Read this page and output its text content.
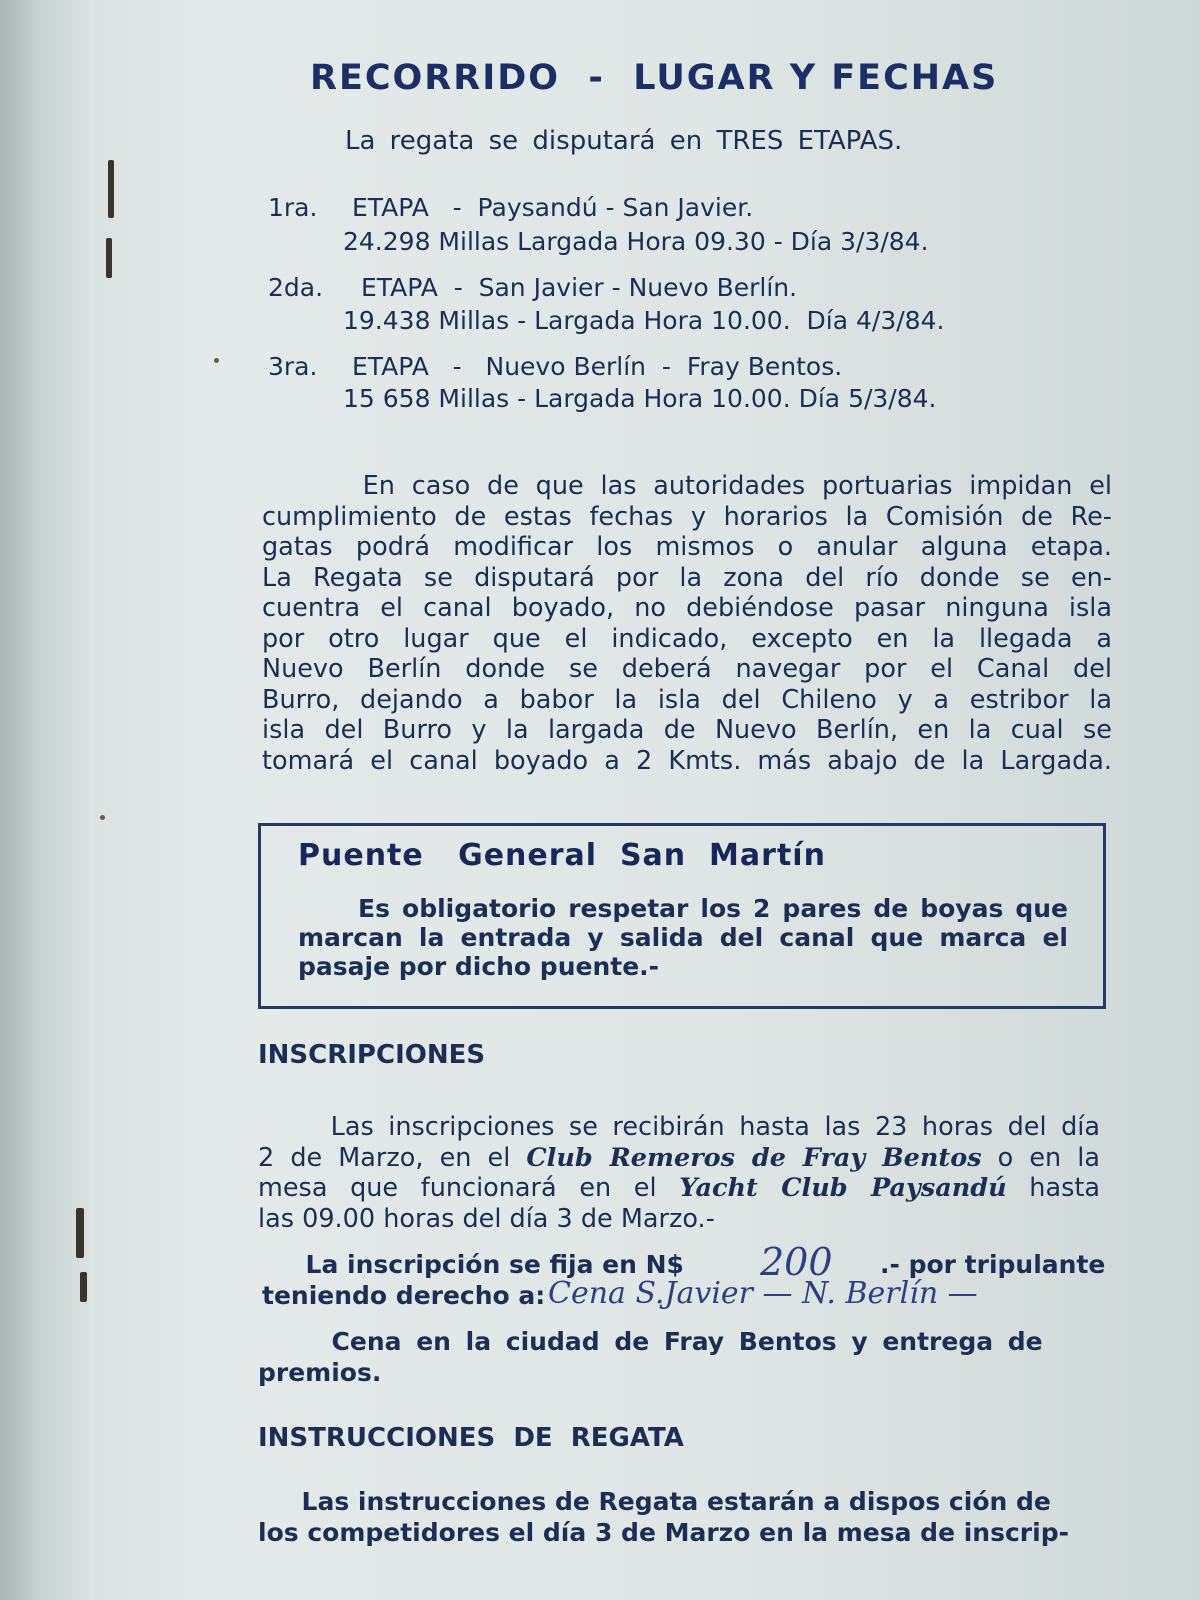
RECORRIDO  -  LUGAR Y FECHAS
La regata se disputará en TRES ETAPAS.
1ra. ETAPA   -  Paysandú - San Javier.
24.298 Millas Largada Hora 09.30 - Día 3/3/84.
2da. ETAPA  -  San Javier - Nuevo Berlín.
19.438 Millas - Largada Hora 10.00.  Día 4/3/84.
3ra. ETAPA   -   Nuevo Berlín  -  Fray Bentos.
15 658 Millas - Largada Hora 10.00. Día 5/3/84.
En caso de que las autoridades portuarias impidan el
cumplimiento de estas fechas y horarios la Comisión de Re-
gatas podrá modificar los mismos o anular alguna etapa.
La Regata se disputará por la zona del río donde se en-
cuentra el canal boyado, no debiéndose pasar ninguna isla
por otro lugar que el indicado, excepto en la llegada a
Nuevo Berlín donde se deberá navegar por el Canal del
Burro, dejando a babor la isla del Chileno y a estribor la
isla del Burro y la largada de Nuevo Berlín, en la cual se
tomará el canal boyado a 2 Kmts. más abajo de la Largada.
Puente   General  San  Martín
Es obligatorio respetar los 2 pares de boyas que
marcan la entrada y salida del canal que marca el
pasaje por dicho puente.-
INSCRIPCIONES
Las inscripciones se recibirán hasta las 23 horas del día
2 de Marzo, en el Club Remeros de Fray Bentos o en la
mesa que funcionará en el Yacht Club Paysandú hasta
las 09.00 horas del día 3 de Marzo.-
La inscripción se fija en N$ 200 .- por tripulante
teniendo derecho a: Cena S.Javier — N. Berlín —
Cena en la ciudad de Fray Bentos y entrega de
premios.
INSTRUCCIONES  DE  REGATA
Las instrucciones de Regata estarán a dispos ción de
los competidores el día 3 de Marzo en la mesa de inscrip-
